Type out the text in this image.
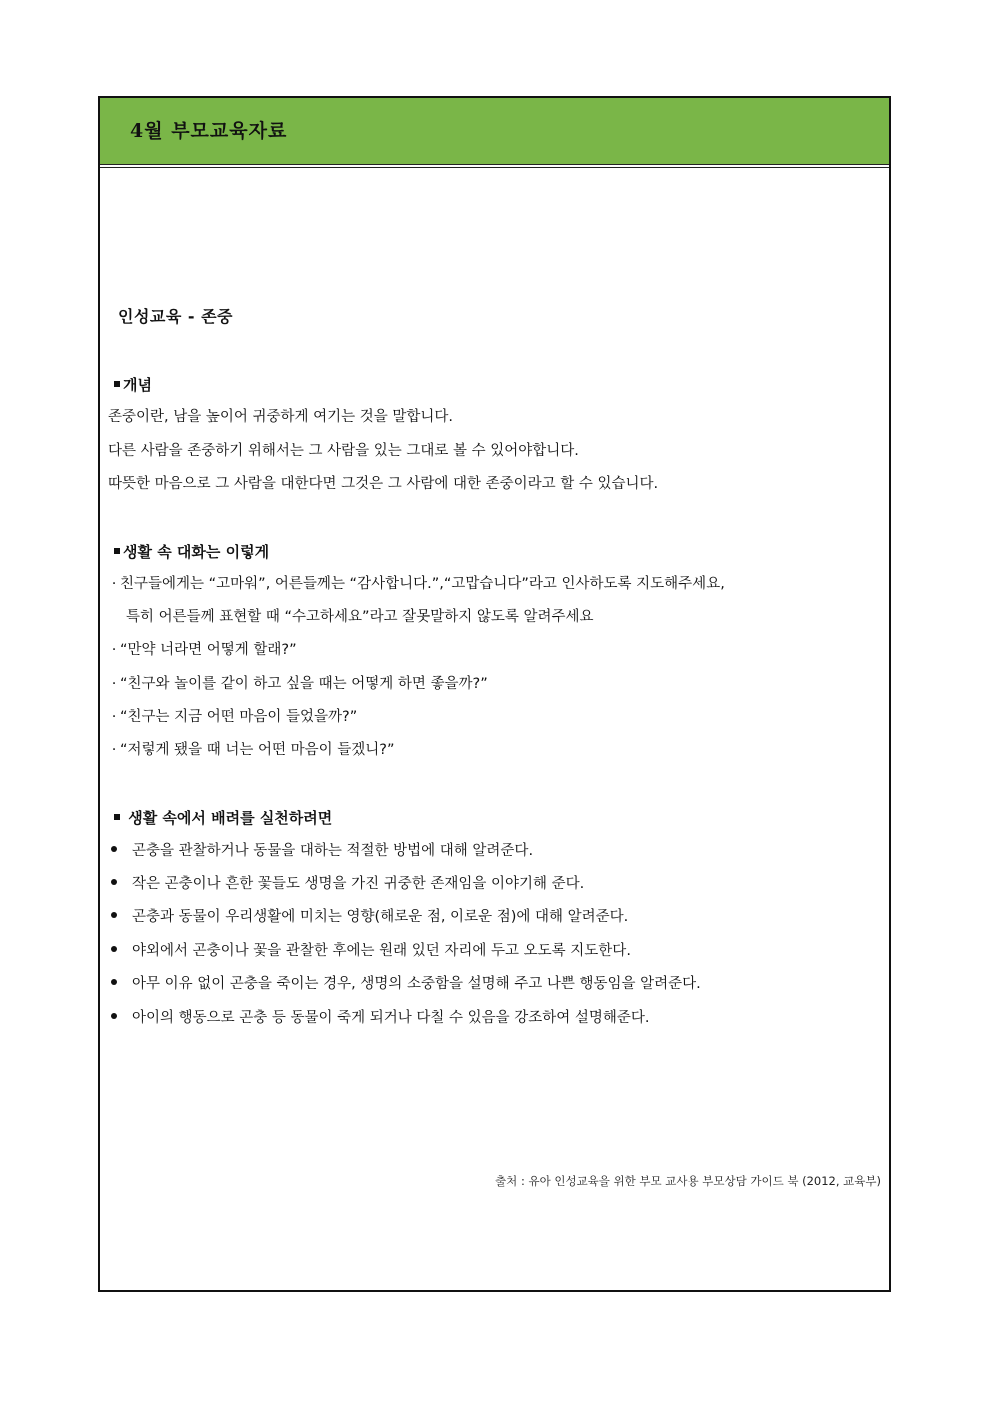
4월 부모교육자료
인성교육 - 존중
개념
존중이란, 남을 높이어 귀중하게 여기는 것을 말합니다.
다른 사람을 존중하기 위해서는 그 사람을 있는 그대로 볼 수 있어야합니다.
따뜻한 마음으로 그 사람을 대한다면 그것은 그 사람에 대한 존중이라고 할 수 있습니다.
생활 속 대화는 이렇게
· 친구들에게는 “고마워”, 어른들께는 “감사합니다.”,“고맙습니다”라고 인사하도록 지도해주세요,
특히 어른들께 표현할 때 “수고하세요”라고 잘못말하지 않도록 알려주세요
· “만약 너라면 어떻게 할래?”
· “친구와 놀이를 같이 하고 싶을 때는 어떻게 하면 좋을까?”
· “친구는 지금 어떤 마음이 들었을까?”
· “저렇게 됐을 때 너는 어떤 마음이 들겠니?”
생활 속에서 배려를 실천하려면
곤충을 관찰하거나 동물을 대하는 적절한 방법에 대해 알려준다.
작은 곤충이나 흔한 꽃들도 생명을 가진 귀중한 존재임을 이야기해 준다.
곤충과 동물이 우리생활에 미치는 영향(해로운 점, 이로운 점)에 대해 알려준다.
야외에서 곤충이나 꽃을 관찰한 후에는 원래 있던 자리에 두고 오도록 지도한다.
아무 이유 없이 곤충을 죽이는 경우, 생명의 소중함을 설명해 주고 나쁜 행동임을 알려준다.
아이의 행동으로 곤충 등 동물이 죽게 되거나 다칠 수 있음을 강조하여 설명해준다.
출처 : 유아 인성교육을 위한 부모 교사용 부모상담 가이드 북 (2012, 교육부)
